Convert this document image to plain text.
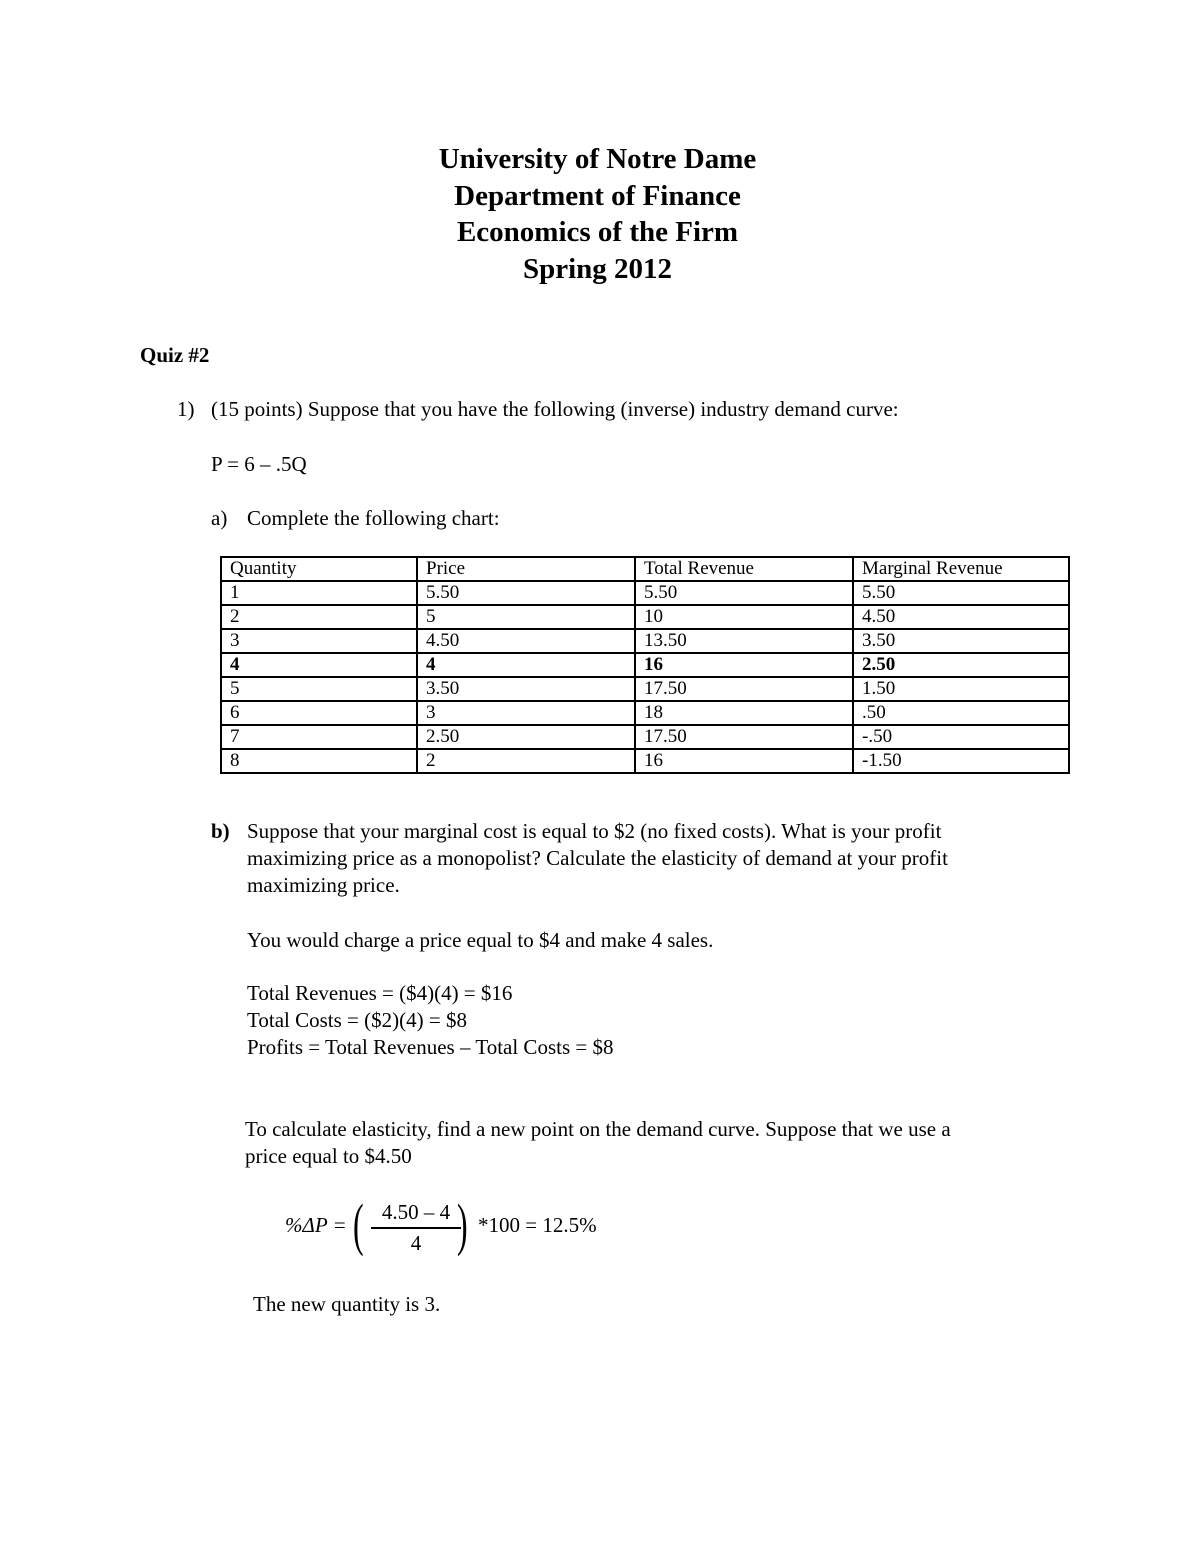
University of Notre Dame
Department of Finance
Economics of the Firm
Spring 2012
Quiz #2
1) (15 points) Suppose that you have the following (inverse) industry demand curve:
P = 6 – .5Q
a) Complete the following chart:
Quantity	Price	Total Revenue	Marginal Revenue
1	5.50	5.50	5.50
2	5	10	4.50
3	4.50	13.50	3.50
4	4	16	2.50
5	3.50	17.50	1.50
6	3	18	.50
7	2.50	17.50	-.50
8	2	16	-1.50
b) Suppose that your marginal cost is equal to $2 (no fixed costs). What is your profit
maximizing price as a monopolist? Calculate the elasticity of demand at your profit
maximizing price.
You would charge a price equal to $4 and make 4 sales.
Total Revenues = ($4)(4) = $16
Total Costs = ($2)(4) = $8
Profits = Total Revenues – Total Costs = $8
To calculate elasticity, find a new point on the demand curve. Suppose that we use a
price equal to $4.50
%ΔP = ( 4.50 – 4
4 ) *100 = 12.5%
The new quantity is 3.
